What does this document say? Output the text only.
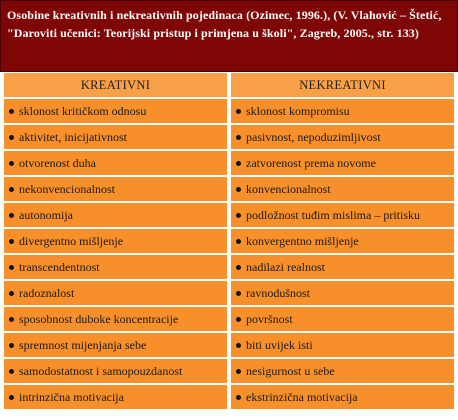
Osobine kreativnih i nekreativnih pojedinaca (Ozimec, 1996.), (V. Vlahović – Štetić, "Daroviti učenici: Teorijski pristup i primjena u školi", Zagreb, 2005., str. 133)
KREATIVNI	NEKREATIVNI
sklonost kritičkom odnosu	sklonost kompromisu
aktivitet, inicijativnost	pasivnost, nepoduzimljivost
otvorenost duha	zatvorenost prema novome
nekonvencionalnost	konvencionalnost
autonomija	podložnost tuđim mislima – pritisku
divergentno mišljenje	konvergentno mišljenje
transcendentnost	nadilazi realnost
radoznalost	ravnodušnost
sposobnost duboke koncentracije	površnost
spremnost mijenjanja sebe	biti uvijek isti
samodostatnost i samopouzdanost	nesigurnost u sebe
intrinzična motivacija	ekstrinzična motivacija
